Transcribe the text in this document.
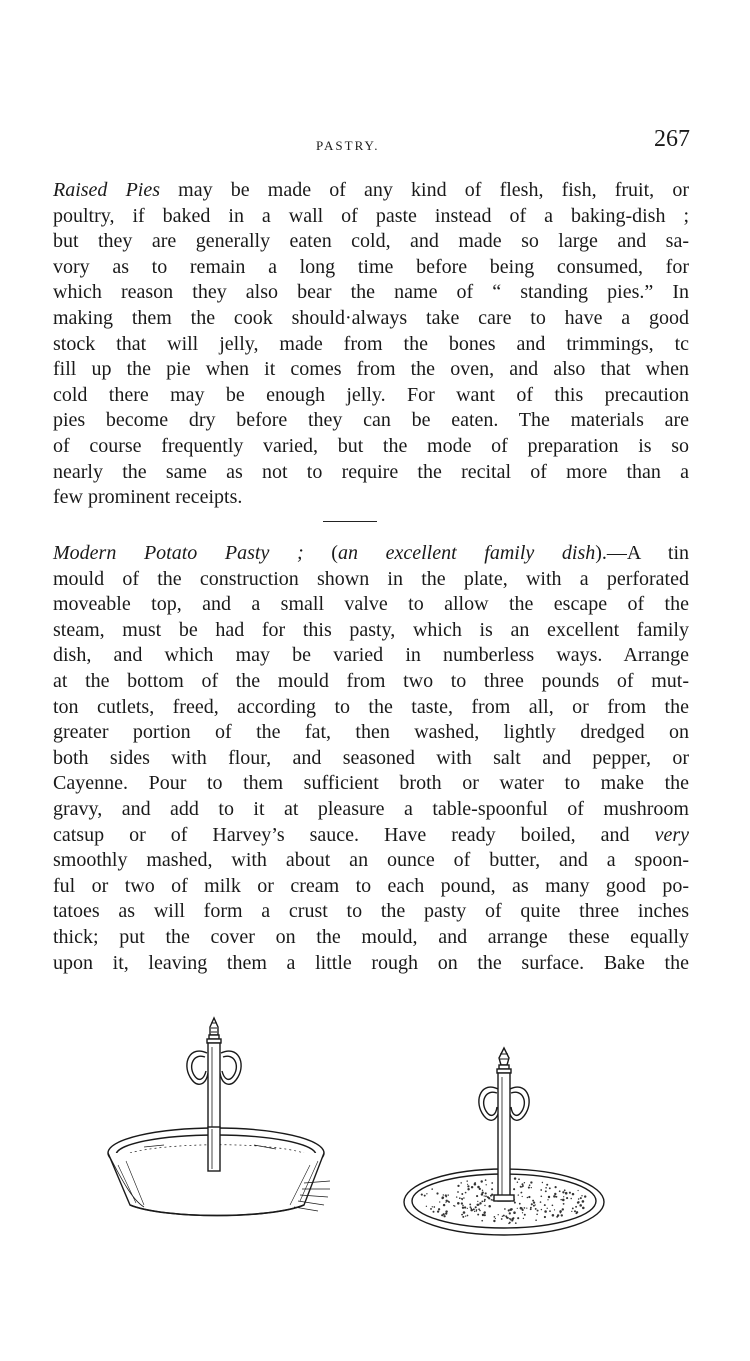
PASTRY.	267
Raised Pies may be made of any kind of flesh, fish, fruit, or
poultry, if baked in a wall of paste instead of a baking-dish ;
but they are generally eaten cold, and made so large and sa-
vory as to remain a long time before being consumed, for
which reason they also bear the name of “ standing pies.” In
making them the cook should·always take care to have a good
stock that will jelly, made from the bones and trimmings, tc
fill up the pie when it comes from the oven, and also that when
cold there may be enough jelly. For want of this precaution
pies become dry before they can be eaten. The materials are
of course frequently varied, but the mode of preparation is so
nearly the same as not to require the recital of more than a
few prominent receipts.
Modern Potato Pasty ; (an excellent family dish).—A tin
mould of the construction shown in the plate, with a perforated
moveable top, and a small valve to allow the escape of the
steam, must be had for this pasty, which is an excellent family
dish, and which may be varied in numberless ways. Arrange
at the bottom of the mould from two to three pounds of mut-
ton cutlets, freed, according to the taste, from all, or from the
greater portion of the fat, then washed, lightly dredged on
both sides with flour, and seasoned with salt and pepper, or
Cayenne. Pour to them sufficient broth or water to make the
gravy, and add to it at pleasure a table-spoonful of mushroom
catsup or of Harvey’s sauce. Have ready boiled, and very
smoothly mashed, with about an ounce of butter, and a spoon-
ful or two of milk or cream to each pound, as many good po-
tatoes as will form a crust to the pasty of quite three inches
thick; put the cover on the mould, and arrange these equally
upon it, leaving them a little rough on the surface. Bake the
